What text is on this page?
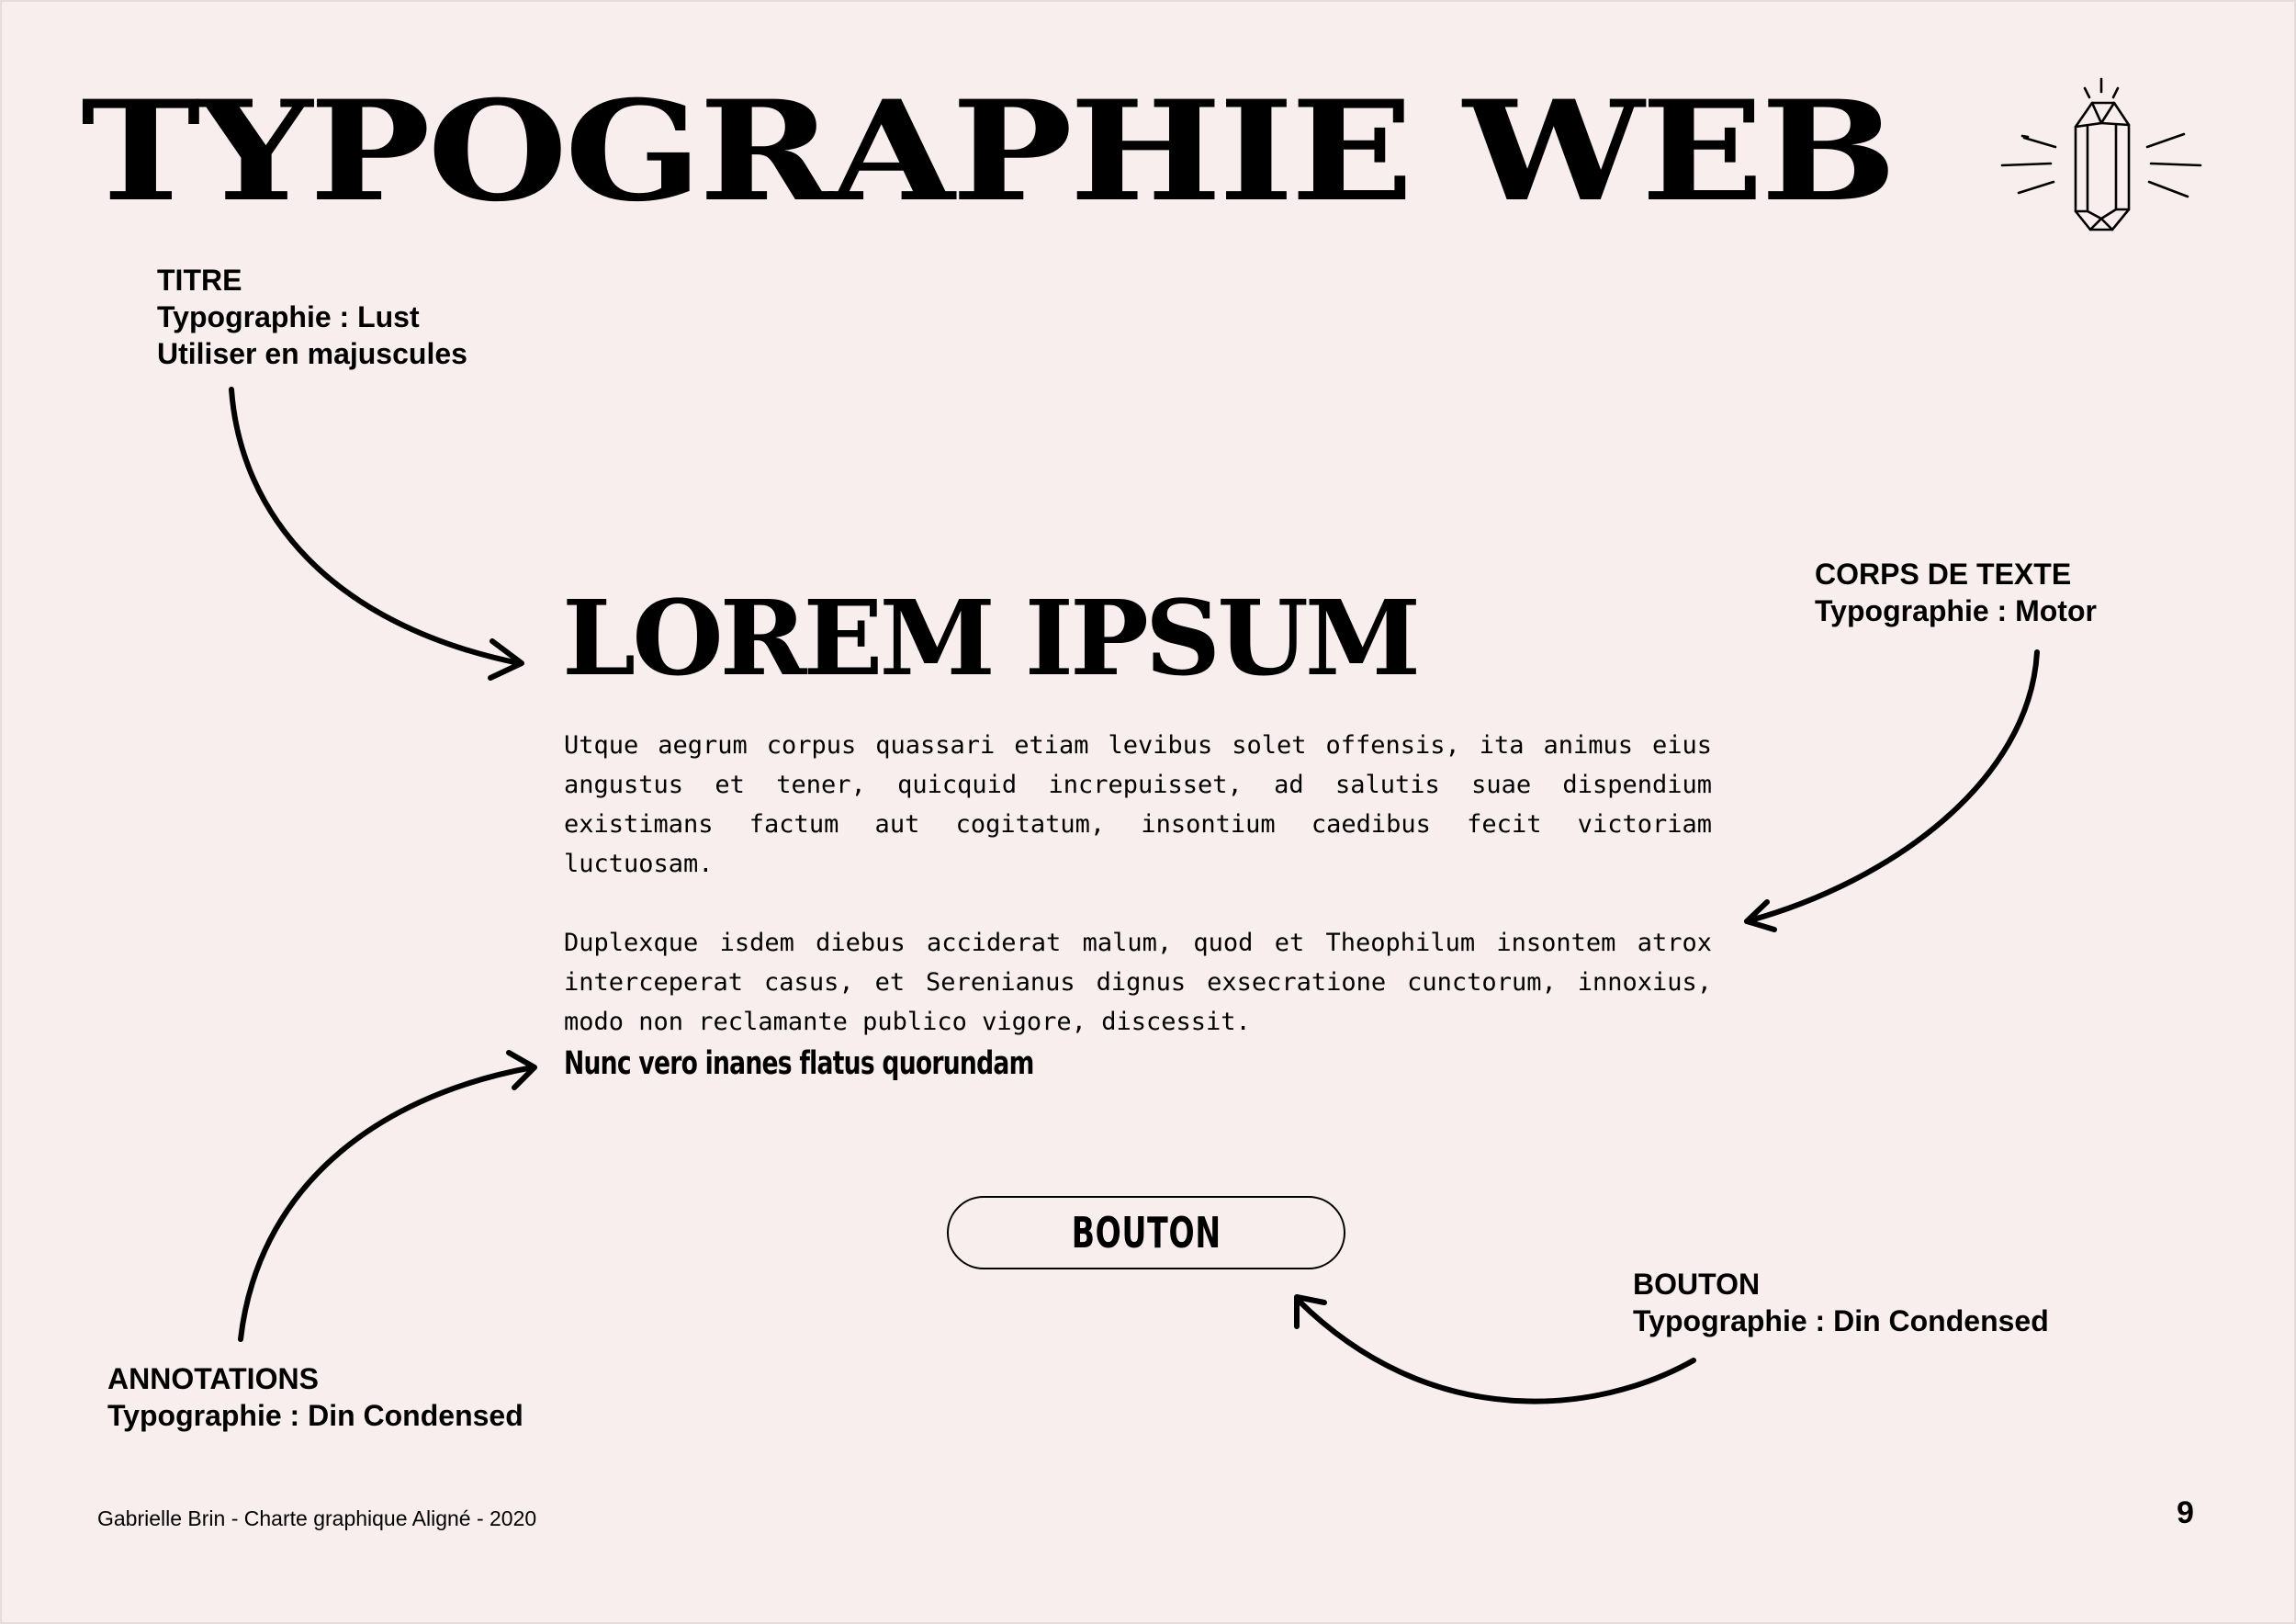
TYPOGRAPHIE WEB
TITRE
Typographie : Lust
Utiliser en majuscules
CORPS DE TEXTE
Typographie : Motor
ANNOTATIONS
Typographie : Din Condensed
BOUTON
Typographie : Din Condensed
LOREM IPSUM

Utque aegrum corpus quassari etiam levibus solet offensis, ita animus eius angustus et tener, quicquid increpuisset, ad salutis suae dispendium existimans factum aut cogitatum, insontium caedibus fecit victoriam luctuosam.

Duplexque isdem diebus acciderat malum, quod et Theophilum insontem atrox interceperat casus, et Serenianus dignus exsecratione cunctorum, innoxius, modo non reclamante publico vigore, discessit.

Nunc vero inanes flatus quorundam
BOUTON
Gabrielle Brin - Charte graphique Aligné - 2020	9
